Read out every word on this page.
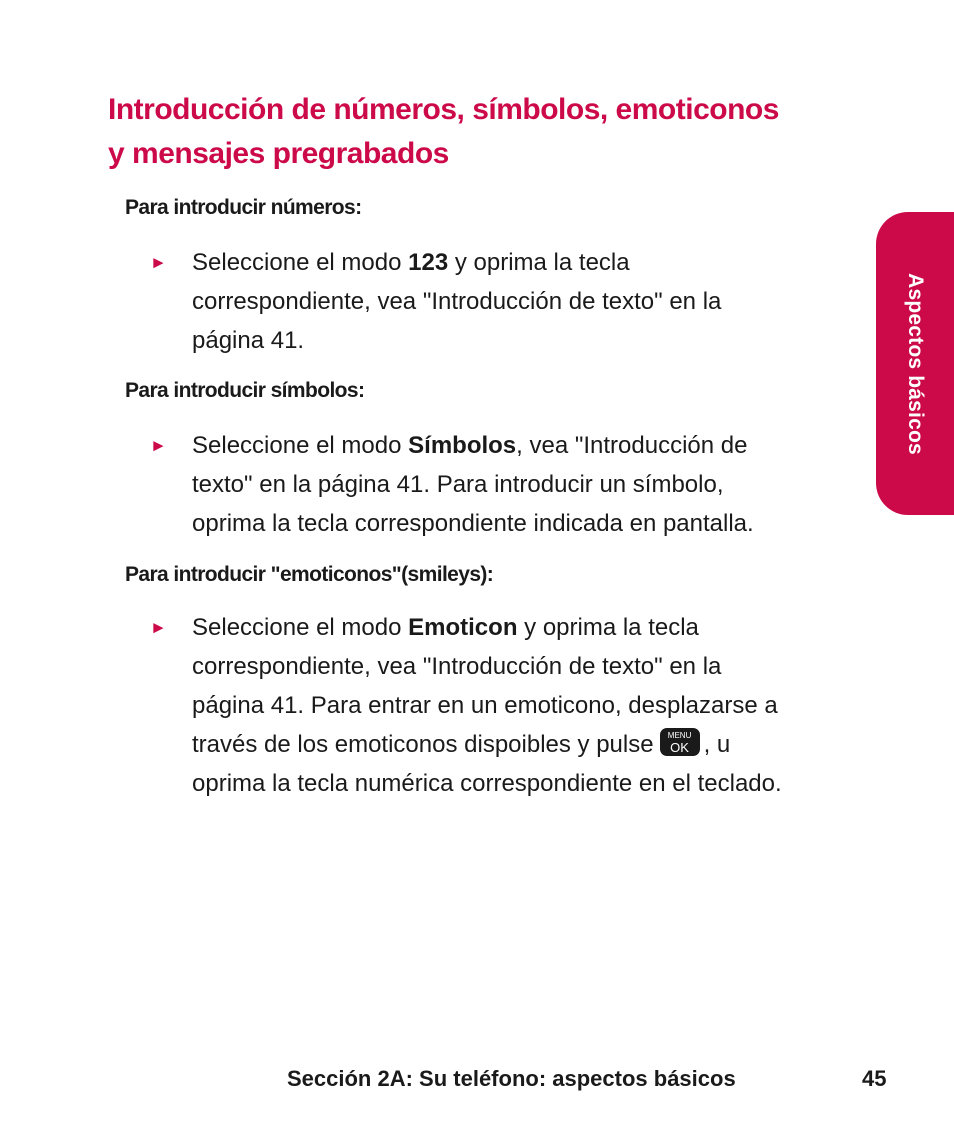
Introducción de números, símbolos, emoticonos
y mensajes pregrabados
Para introducir números:
► Seleccione el modo 123 y oprima la tecla
correspondiente, vea "Introducción de texto" en la
página 41.
Para introducir símbolos:
► Seleccione el modo Símbolos, vea "Introducción de
texto" en la página 41. Para introducir un símbolo,
oprima la tecla correspondiente indicada en pantalla.
Para introducir "emoticonos"(smileys):
► Seleccione el modo Emoticon y oprima la tecla
correspondiente, vea "Introducción de texto" en la
página 41. Para entrar en un emoticono, desplazarse a
través de los emoticonos dispoibles y pulse	MENU
OK , u
oprima la tecla numérica correspondiente en el teclado.
Aspectos básicos
Sección 2A: Su teléfono: aspectos básicos	45
